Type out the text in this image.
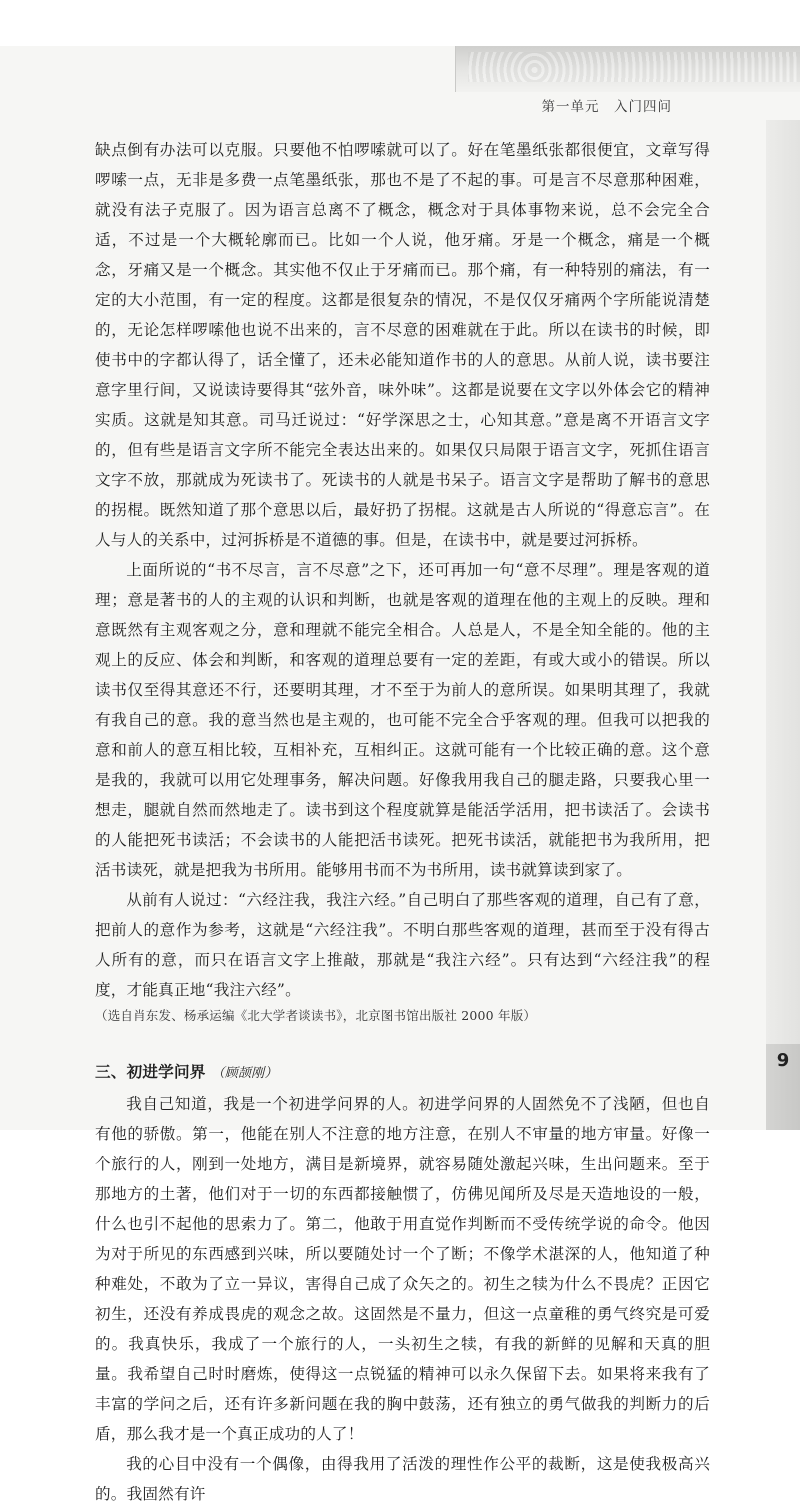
第一单元　入门四问
9

缺点倒有办法可以克服。只要他不怕啰嗦就可以了。好在笔墨纸张都很便宜，文章写得啰嗦一点，无非是多费一点笔墨纸张，那也不是了不起的事。可是言不尽意那种困难，就没有法子克服了。因为语言总离不了概念，概念对于具体事物来说，总不会完全合适，不过是一个大概轮廓而已。比如一个人说，他牙痛。牙是一个概念，痛是一个概念，牙痛又是一个概念。其实他不仅止于牙痛而已。那个痛，有一种特别的痛法，有一定的大小范围，有一定的程度。这都是很复杂的情况，不是仅仅牙痛两个字所能说清楚的，无论怎样啰嗦他也说不出来的，言不尽意的困难就在于此。所以在读书的时候，即使书中的字都认得了，话全懂了，还未必能知道作书的人的意思。从前人说，读书要注意字里行间，又说读诗要得其“弦外音，味外味”。这都是说要在文字以外体会它的精神实质。这就是知其意。司马迁说过：“好学深思之士，心知其意。”意是离不开语言文字的，但有些是语言文字所不能完全表达出来的。如果仅只局限于语言文字，死抓住语言文字不放，那就成为死读书了。死读书的人就是书呆子。语言文字是帮助了解书的意思的拐棍。既然知道了那个意思以后，最好扔了拐棍。这就是古人所说的“得意忘言”。在人与人的关系中，过河拆桥是不道德的事。但是，在读书中，就是要过河拆桥。

上面所说的“书不尽言，言不尽意”之下，还可再加一句“意不尽理”。理是客观的道理；意是著书的人的主观的认识和判断，也就是客观的道理在他的主观上的反映。理和意既然有主观客观之分，意和理就不能完全相合。人总是人，不是全知全能的。他的主观上的反应、体会和判断，和客观的道理总要有一定的差距，有或大或小的错误。所以读书仅至得其意还不行，还要明其理，才不至于为前人的意所误。如果明其理了，我就有我自己的意。我的意当然也是主观的，也可能不完全合乎客观的理。但我可以把我的意和前人的意互相比较，互相补充，互相纠正。这就可能有一个比较正确的意。这个意是我的，我就可以用它处理事务，解决问题。好像我用我自己的腿走路，只要我心里一想走，腿就自然而然地走了。读书到这个程度就算是能活学活用，把书读活了。会读书的人能把死书读活；不会读书的人能把活书读死。把死书读活，就能把书为我所用，把活书读死，就是把我为书所用。能够用书而不为书所用，读书就算读到家了。

从前有人说过：“六经注我，我注六经。”自己明白了那些客观的道理，自己有了意，把前人的意作为参考，这就是“六经注我”。不明白那些客观的道理，甚而至于没有得古人所有的意，而只在语言文字上推敲，那就是“我注六经”。只有达到“六经注我”的程度，才能真正地“我注六经”。

（选自肖东发、杨承运编《北大学者谈读书》，北京图书馆出版社 2000 年版）

三、初进学问界 （顾颉刚）

我自己知道，我是一个初进学问界的人。初进学问界的人固然免不了浅陋，但也自有他的骄傲。第一，他能在别人不注意的地方注意，在别人不审量的地方审量。好像一个旅行的人，刚到一处地方，满目是新境界，就容易随处激起兴味，生出问题来。至于那地方的土著，他们对于一切的东西都接触惯了，仿佛见闻所及尽是天造地设的一般，什么也引不起他的思索力了。第二，他敢于用直觉作判断而不受传统学说的命令。他因为对于所见的东西感到兴味，所以要随处讨一个了断；不像学术湛深的人，他知道了种种难处，不敢为了立一异议，害得自己成了众矢之的。初生之犊为什么不畏虎？正因它初生，还没有养成畏虎的观念之故。这固然是不量力，但这一点童稚的勇气终究是可爱的。我真快乐，我成了一个旅行的人，一头初生之犊，有我的新鲜的见解和天真的胆量。我希望自己时时磨炼，使得这一点锐猛的精神可以永久保留下去。如果将来我有了丰富的学问之后，还有许多新问题在我的胸中鼓荡，还有独立的勇气做我的判断力的后盾，那么我才是一个真正成功的人了！

我的心目中没有一个偶像，由得我用了活泼的理性作公平的裁断，这是使我极高兴的。我固然有许
